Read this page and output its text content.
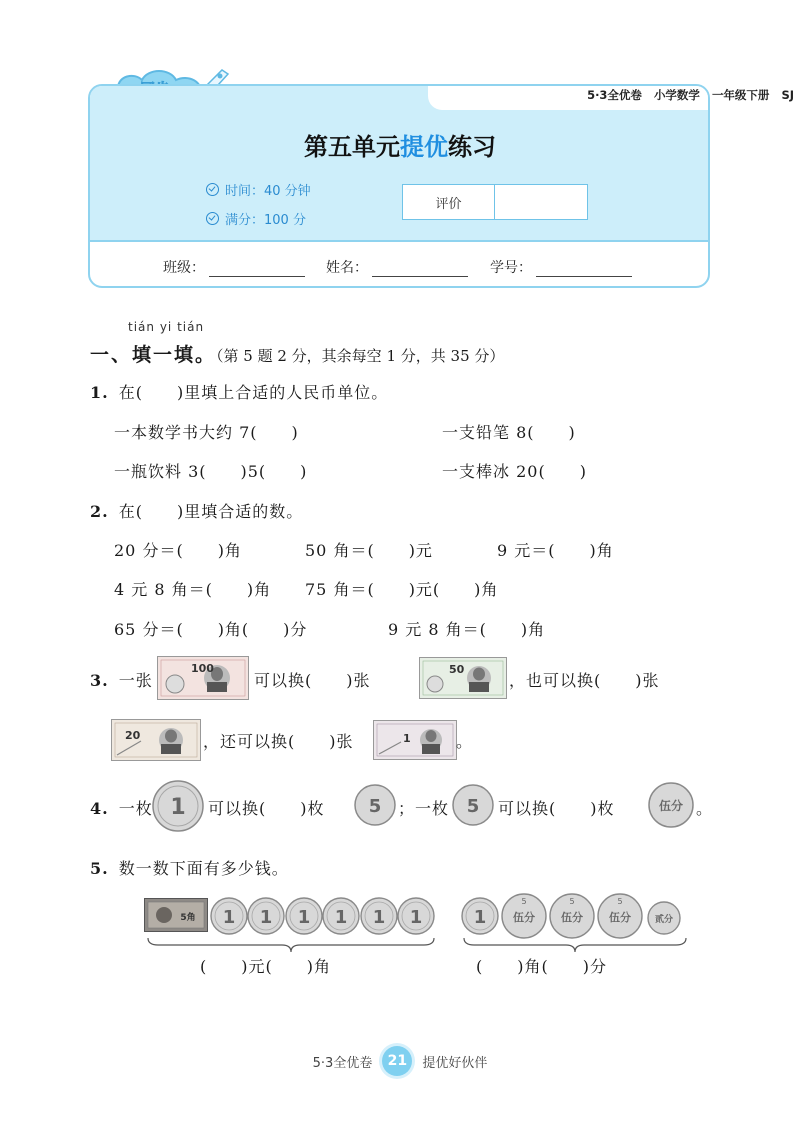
5·3全优卷 小学数学 一年级下册 SJ
第五单元提优练习
时间：40 分钟
满分：100 分
评价
班级：	姓名：	学号：
tián yi tián
一、填一填。（第 5 题 2 分，其余每空 1 分，共 35 分）
1. 在(　　)里填上合适的人民币单位。
一本数学书大约 7(　　)	一支铅笔 8(　　)
一瓶饮料 3(　　)5(　　)	一支棒冰 20(　　)
2. 在(　　)里填合适的数。
20 分＝(　　)角	50 角＝(　　)元	9 元＝(　　)角
4 元 8 角＝(　　)角 75 角＝(　　)元(　　)角
65 分＝(　　)角(　　)分	9 元 8 角＝(　　)角
3. 一张
100
可以换(　　)张
50
，也可以换(　　)张
20	，还可以换(　　)张	1	。
4. 一枚 1 可以换(　　)枚 5 ；一枚 5 可以换(　　)枚	伍分 。
5. 数一数下面有多少钱。
5角 1 1 1 1 1 1	1
5
伍分
5
伍分
5
伍分	贰分
(　　)元(　　)角	(　　)角(　　)分
5·3全优卷	21	提优好伙伴
